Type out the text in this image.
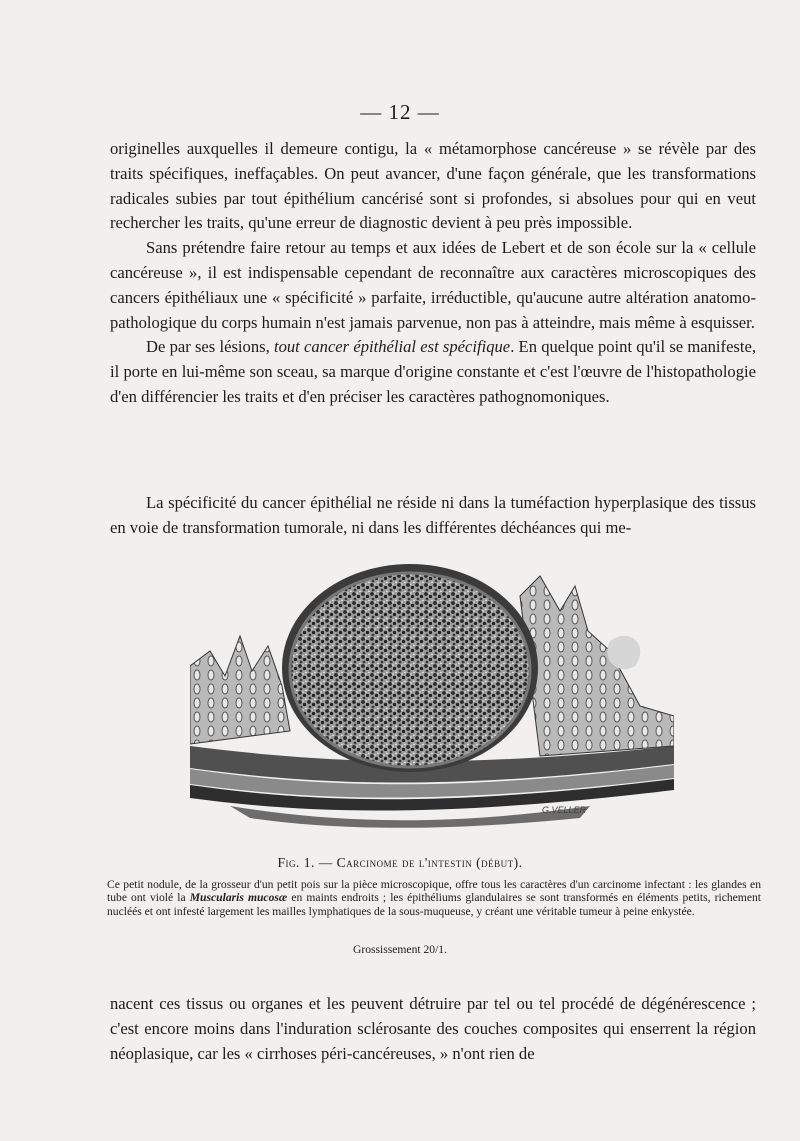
— 12 —

originelles auxquelles il demeure contigu, la « métamorphose cancéreuse » se révèle par des traits spécifiques, ineffaçables. On peut avancer, d'une façon générale, que les transformations radicales subies par tout épithélium cancérisé sont si profondes, si absolues pour qui en veut rechercher les traits, qu'une erreur de diagnostic devient à peu près impossible.

Sans prétendre faire retour au temps et aux idées de Lebert et de son école sur la « cellule cancéreuse », il est indispensable cependant de reconnaître aux caractères microscopiques des cancers épithéliaux une « spécificité » parfaite, irréductible, qu'aucune autre altération anatomo-pathologique du corps humain n'est jamais parvenue, non pas à atteindre, mais même à esquisser.

De par ses lésions, tout cancer épithélial est spécifique. En quelque point qu'il se manifeste, il porte en lui-même son sceau, sa marque d'origine constante et c'est l'œuvre de l'histopathologie d'en différencier les traits et d'en préciser les caractères pathognomoniques.

La spécificité du cancer épithélial ne réside ni dans la tuméfaction hyperplasique des tissus en voie de transformation tumorale, ni dans les différentes déchéances qui me-

G.VELLER
Fig. 1. — Carcinome de l'intestin (début).
Ce petit nodule, de la grosseur d'un petit pois sur la pièce microscopique, offre tous les caractères d'un carcinome infectant : les glandes en tube ont violé la Muscularis mucosæ en maints endroits ; les épithéliums glandulaires se sont transformés en éléments petits, richement nucléés et ont infesté largement les mailles lymphatiques de la sous-muqueuse, y créant une véritable tumeur à peine enkystée.
Grossissement 20/1.

nacent ces tissus ou organes et les peuvent détruire par tel ou tel procédé de dégénérescence ; c'est encore moins dans l'induration sclérosante des couches composites qui enserrent la région néoplasique, car les « cirrhoses péri-cancéreuses, » n'ont rien de
